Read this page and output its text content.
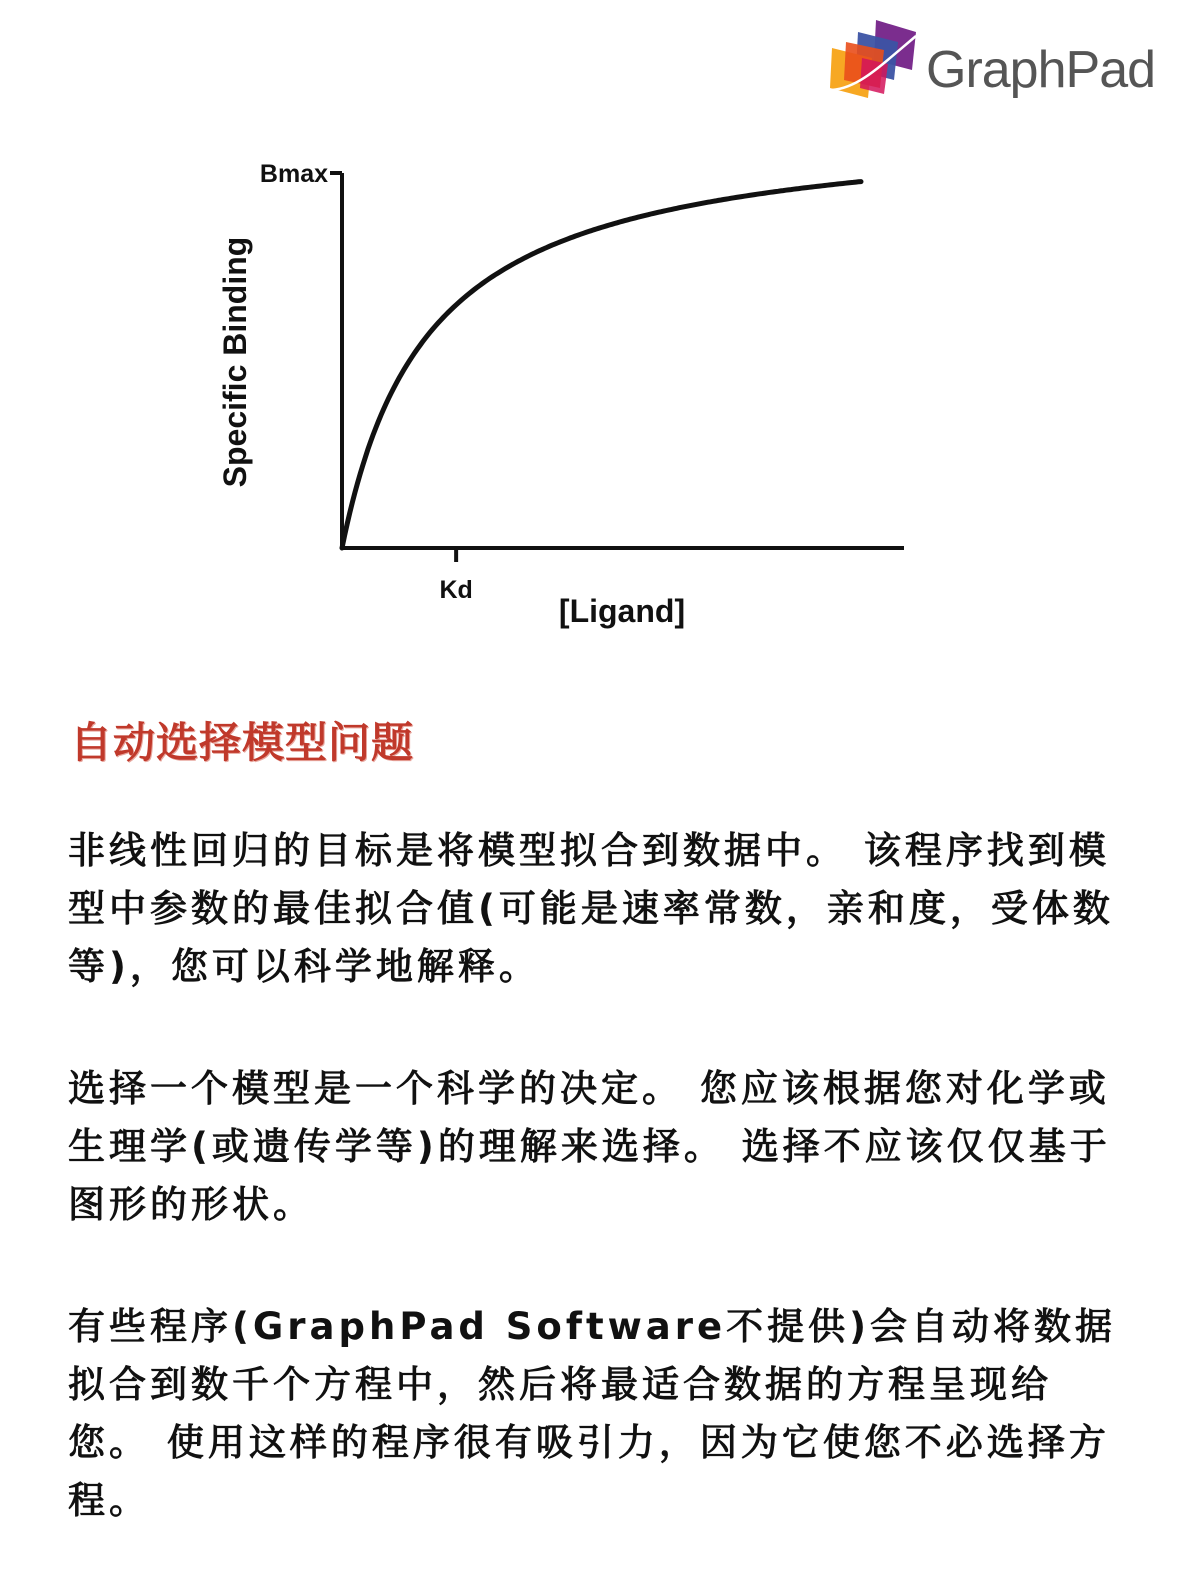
GraphPad
Kd
Bmax
Specific Binding
[Ligand]
自动选择模型问题

非线性回归的目标是将模型拟合到数据中。 该程序找到模型中参数的最佳拟合值(可能是速率常数，亲和度，受体数等)，您可以科学地解释。

选择一个模型是一个科学的决定。 您应该根据您对化学或生理学(或遗传学等)的理解来选择。 选择不应该仅仅基于图形的形状。

有些程序(GraphPad Software不提供)会自动将数据拟合到数千个方程中，然后将最适合数据的方程呈现给您。 使用这样的程序很有吸引力，因为它使您不必选择方程。
